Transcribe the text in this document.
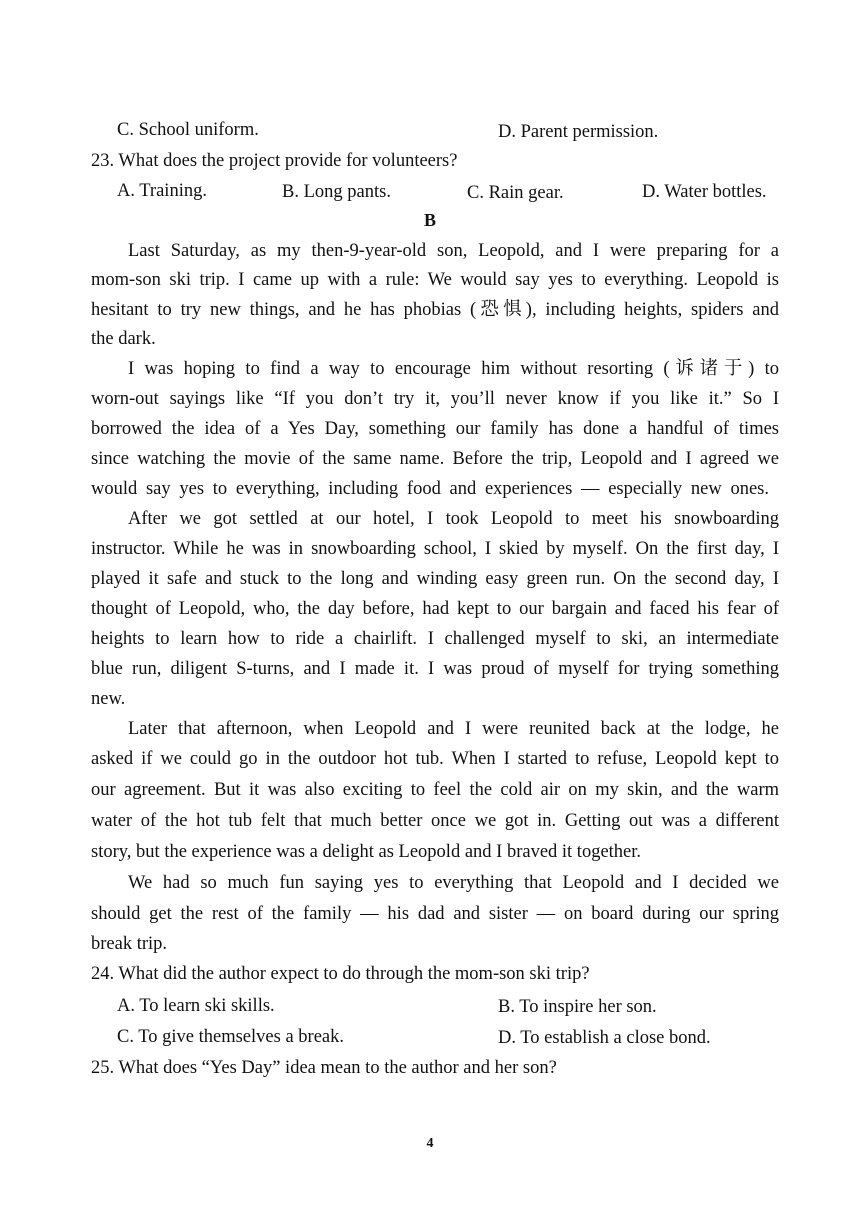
C. School uniform.	D. Parent permission.
23. What does the project provide for volunteers?
A. Training.	B. Long pants.	C. Rain gear.	D. Water bottles.
B
Last Saturday, as my then-9-year-old son, Leopold, and I were preparing for a
mom-son ski trip. I came up with a rule: We would say yes to everything. Leopold is
hesitant to try new things, and he has phobias (恐惧), including heights, spiders and
the dark.
I was hoping to find a way to encourage him without resorting (诉诸于) to
worn-out sayings like “If you don’t try it, you’ll never know if you like it.” So I
borrowed the idea of a Yes Day, something our family has done a handful of times
since watching the movie of the same name. Before the trip, Leopold and I agreed we
would say yes to everything, including food and experiences — especially new ones.
After we got settled at our hotel, I took Leopold to meet his snowboarding
instructor. While he was in snowboarding school, I skied by myself. On the first day, I
played it safe and stuck to the long and winding easy green run. On the second day, I
thought of Leopold, who, the day before, had kept to our bargain and faced his fear of
heights to learn how to ride a chairlift. I challenged myself to ski, an intermediate
blue run, diligent S-turns, and I made it. I was proud of myself for trying something
new.
Later that afternoon, when Leopold and I were reunited back at the lodge, he
asked if we could go in the outdoor hot tub. When I started to refuse, Leopold kept to
our agreement. But it was also exciting to feel the cold air on my skin, and the warm
water of the hot tub felt that much better once we got in. Getting out was a different
story, but the experience was a delight as Leopold and I braved it together.
We had so much fun saying yes to everything that Leopold and I decided we
should get the rest of the family — his dad and sister — on board during our spring
break trip.
24. What did the author expect to do through the mom-son ski trip?
A. To learn ski skills.	B. To inspire her son.
C. To give themselves a break.	D. To establish a close bond.
25. What does “Yes Day” idea mean to the author and her son?
4
